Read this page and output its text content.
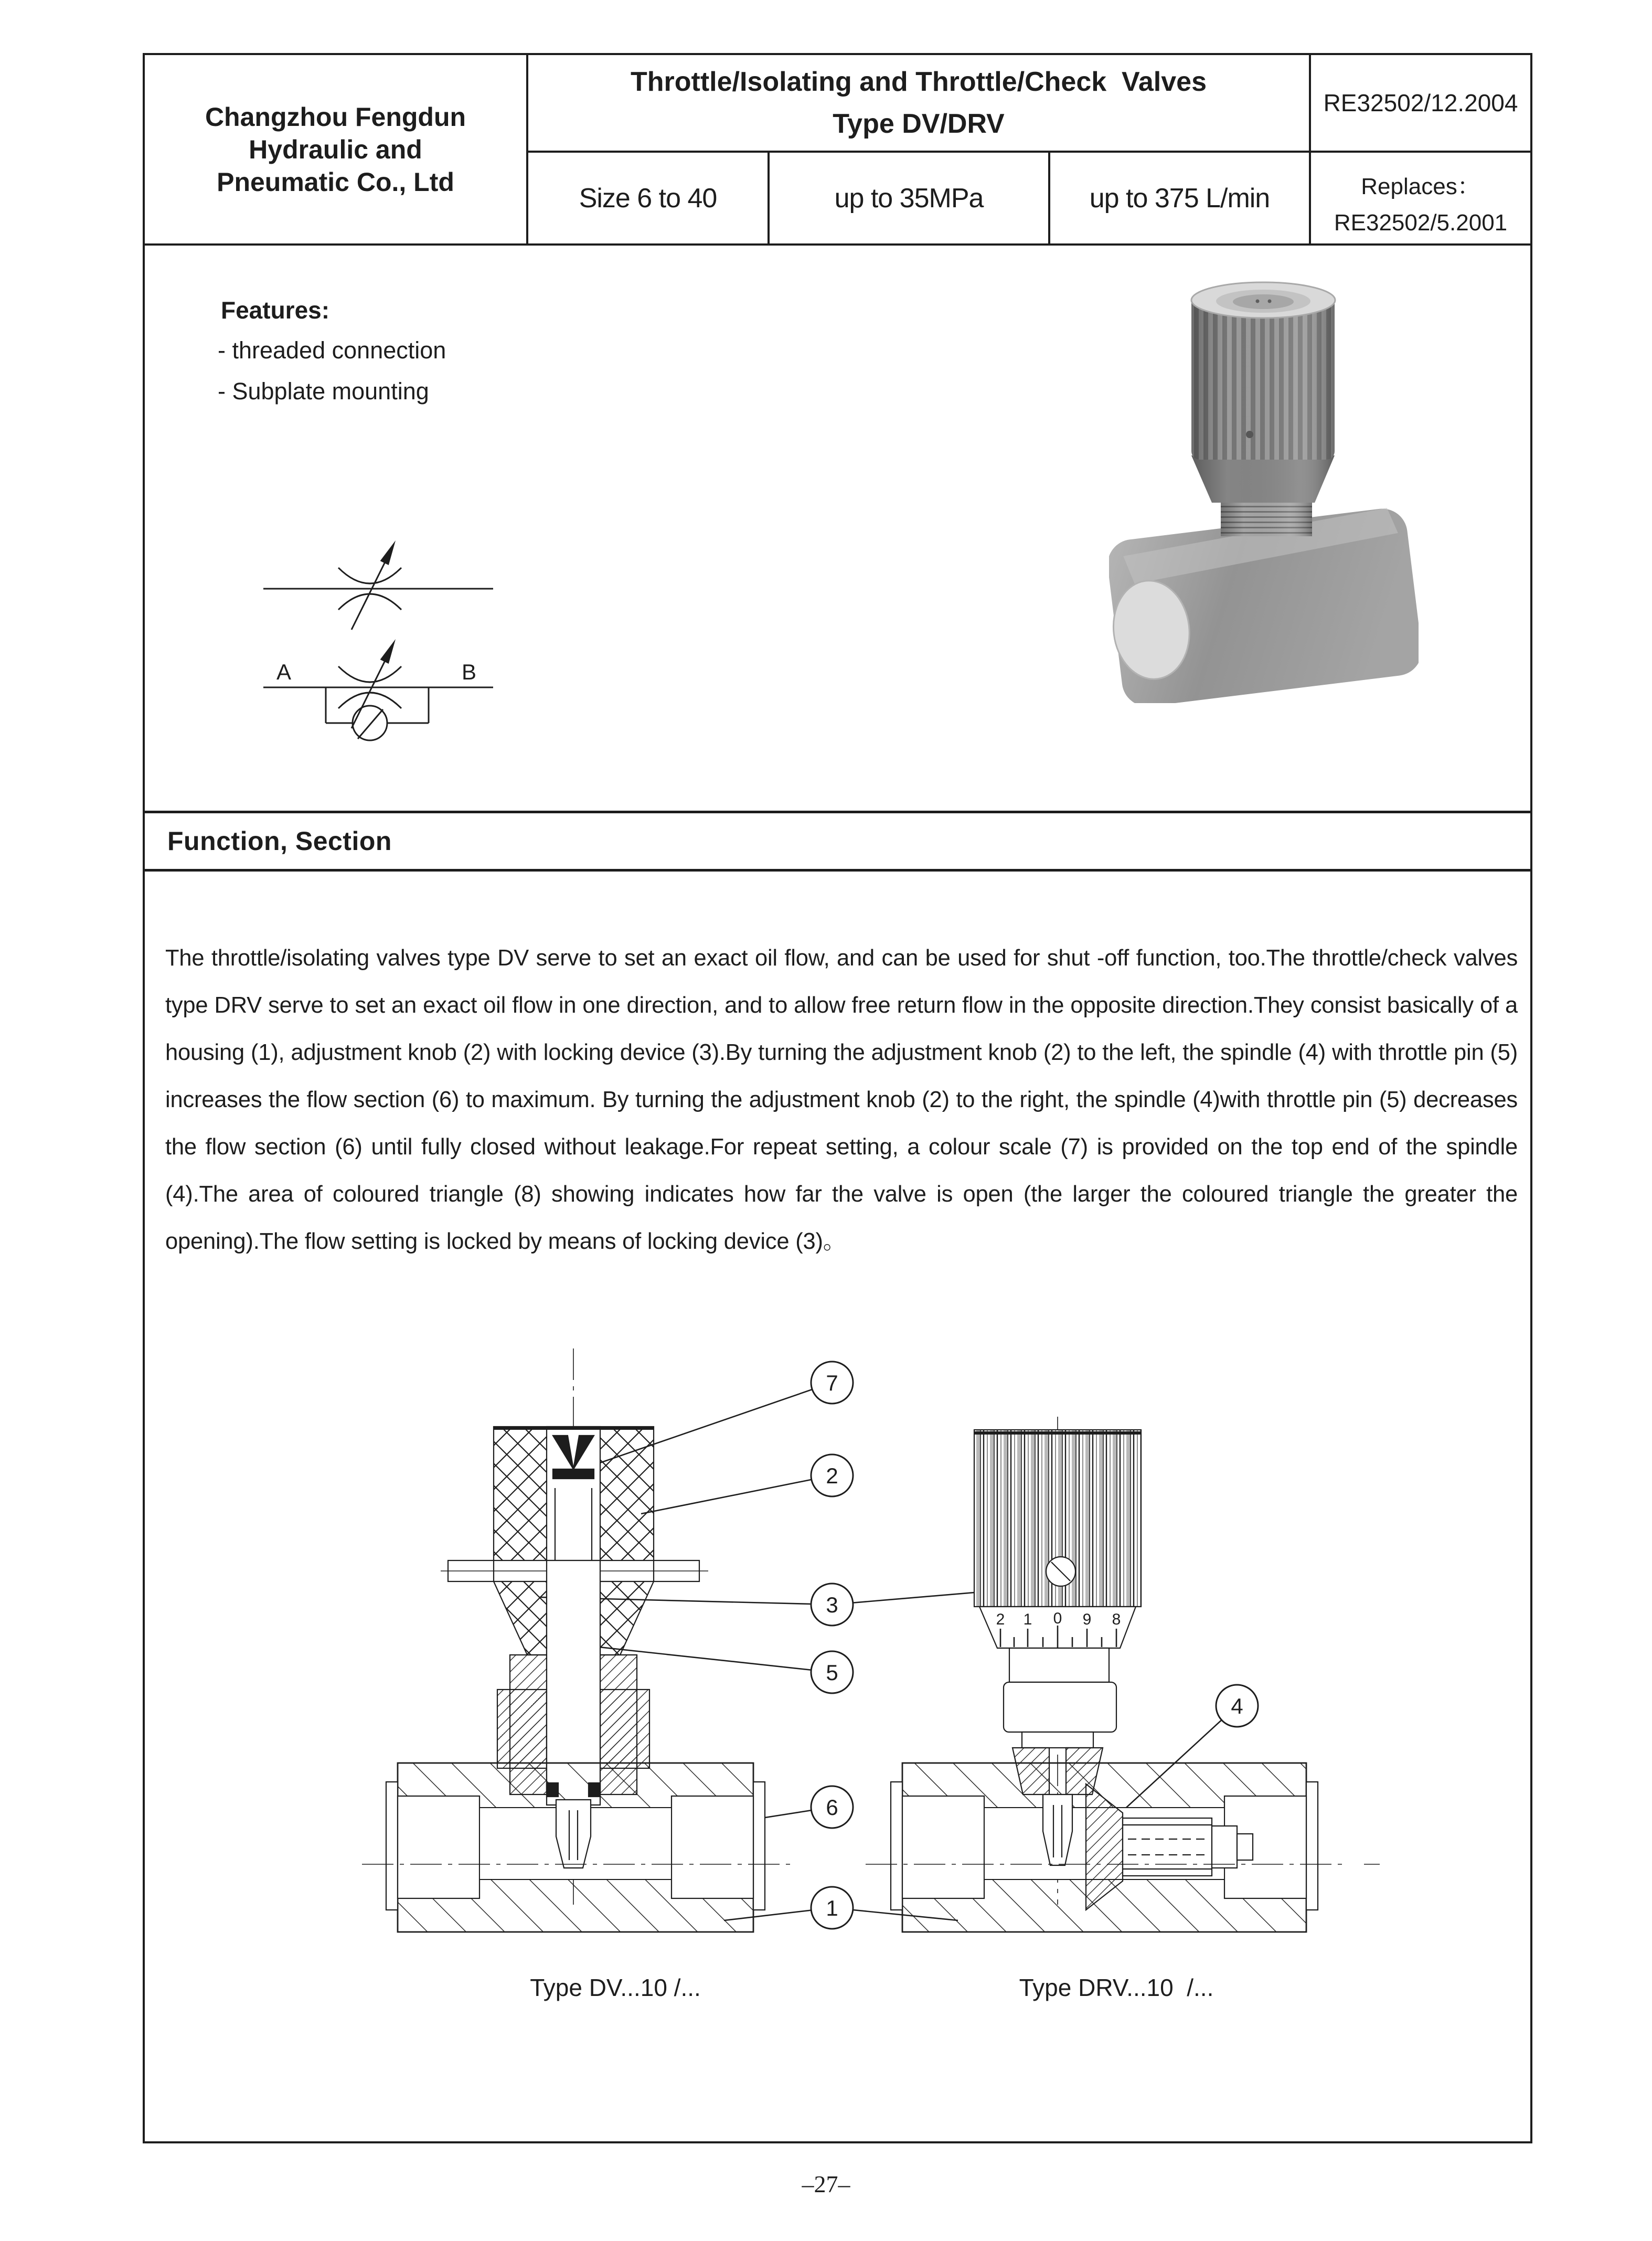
Changzhou Fengdun
Hydraulic and
Pneumatic Co., Ltd
Throttle/Isolating and Throttle/Check  Valves
Type DV/DRV
RE32502/12.2004
Size 6 to 40	up to 35MPa	up to 375 L/min	Replaces：
RE32502/5.2001
Features:
- threaded connection
- Subplate mounting
A	B
Function, Section
The throttle/isolating valves type DV serve to set an exact oil flow, and can be used for shut -off function, too.The throttle/check valves type DRV serve to set an exact oil flow in one direction, and to allow free return flow in the opposite direction.They consist basically of a housing (1), adjustment knob (2) with locking device (3).By turning the adjustment knob (2) to the left, the spindle (4) with throttle pin (5) increases the flow section (6) to maximum. By turning the adjustment knob (2) to the right, the spindle (4)with throttle pin (5) decreases the flow section (6) until fully closed without leakage.For repeat setting, a colour scale (7) is provided on the top end of the spindle (4).The area of coloured triangle (8) showing indicates how far the valve is open (the larger the coloured triangle the greater the opening).The flow setting is locked by means of locking device (3)。
2 1 0 9 8
7
2
3
5
6
1
4
Type DV...10 /...	Type DRV...10  /...
–27–
